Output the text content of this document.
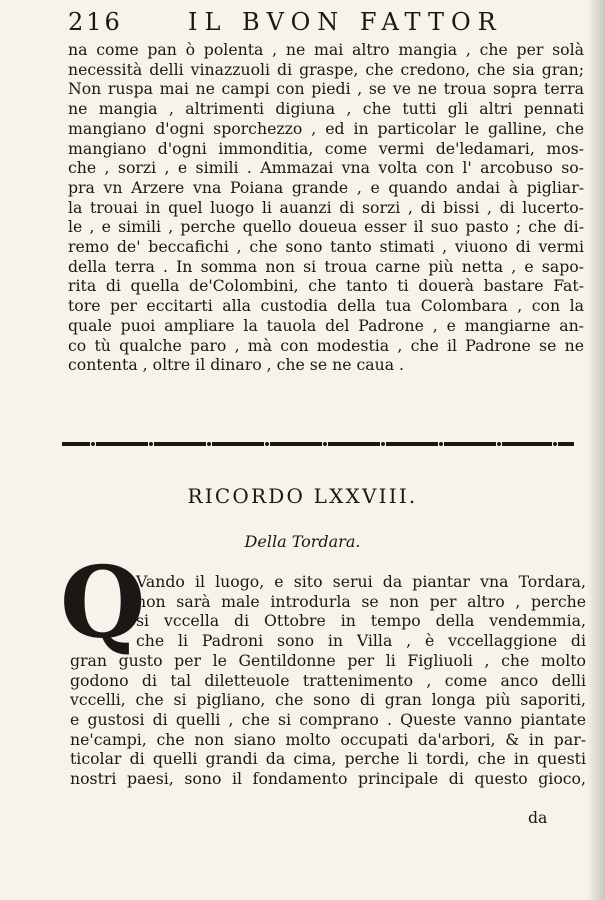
216	IL BVON FATTOR
na come pan ò polenta , ne mai altro mangia , che per solà
necessità delli vinazzuoli di graspe, che credono, che sia gran;
Non ruspa mai ne campi con piedi , se ve ne troua sopra terra
ne mangia , altrimenti digiuna , che tutti gli altri pennati
mangiano d'ogni sporchezzo , ed in particolar le galline, che
mangiano d'ogni immonditia, come vermi de'ledamari, mos-
che , sorzi , e simili . Ammazai vna volta con l' arcobuso so-
pra vn Arzere vna Poiana grande , e quando andai à pigliar-
la trouai in quel luogo li auanzi di sorzi , di bissi , di lucerto-
le , e simili , perche quello doueua esser il suo pasto ; che di-
remo de' beccafichi , che sono tanto stimati , viuono di vermi
della terra . In somma non si troua carne più netta , e sapo-
rita di quella de'Colombini, che tanto ti douerà bastare Fat-
tore per eccitarti alla custodia della tua Colombara , con la
quale puoi ampliare la tauola del Padrone , e mangiarne an-
co tù qualche paro , mà con modestia , che il Padrone se ne
contenta , oltre il dinaro , che se ne caua .
RICORDO LXXVIII.
Della Tordara.
Q
Vando il luogo, e sito serui da piantar vna Tordara,
non sarà male introdurla se non per altro , perche
si vccella di Ottobre in tempo della vendemmia,
che li Padroni sono in Villa , è vccellaggione di
gran gusto per le Gentildonne per li Figliuoli , che molto
godono di tal diletteuole trattenimento , come anco delli
vccelli, che si pigliano, che sono di gran longa più saporiti,
e gustosi di quelli , che si comprano . Queste vanno piantate
ne'campi, che non siano molto occupati da'arbori, & in par-
ticolar di quelli grandi da cima, perche li tordi, che in questi
nostri paesi, sono il fondamento principale di questo gioco,
da
